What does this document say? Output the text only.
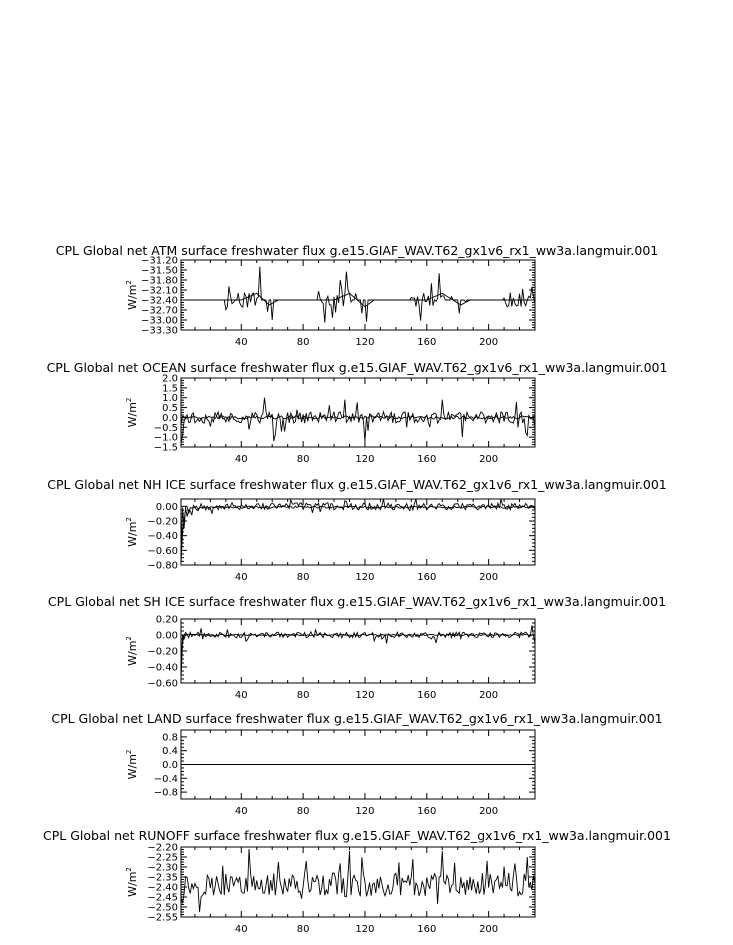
CPL Global net ATM surface freshwater flux g.e15.GIAF_WAV.T62_gx1v6_rx1_ww3a.langmuir.001
40	80	120	160	200
−33.30
−33.00
−32.70
−32.40
−32.10
−31.80
−31.50
−31.20
$W/m^2$
CPL Global net OCEAN surface freshwater flux g.e15.GIAF_WAV.T62_gx1v6_rx1_ww3a.langmuir.001
40	80	120	160	200
−1.5
−1.0
−0.5
0.0
0.5
1.0
1.5
2.0
$W/m^2$
CPL Global net NH ICE surface freshwater flux g.e15.GIAF_WAV.T62_gx1v6_rx1_ww3a.langmuir.001
40	80	120	160	200
−0.80
−0.60
−0.40
−0.20
0.00
$W/m^2$
CPL Global net SH ICE surface freshwater flux g.e15.GIAF_WAV.T62_gx1v6_rx1_ww3a.langmuir.001
40	80	120	160	200
−0.60
−0.40
−0.20
0.00
0.20
$W/m^2$
CPL Global net LAND surface freshwater flux g.e15.GIAF_WAV.T62_gx1v6_rx1_ww3a.langmuir.001
40	80	120	160	200
−0.8
−0.4
0.0
0.4
0.8
$W/m^2$
CPL Global net RUNOFF surface freshwater flux g.e15.GIAF_WAV.T62_gx1v6_rx1_ww3a.langmuir.001
40	80	120	160	200
−2.55
−2.50
−2.45
−2.40
−2.35
−2.30
−2.25
−2.20
$W/m^2$
